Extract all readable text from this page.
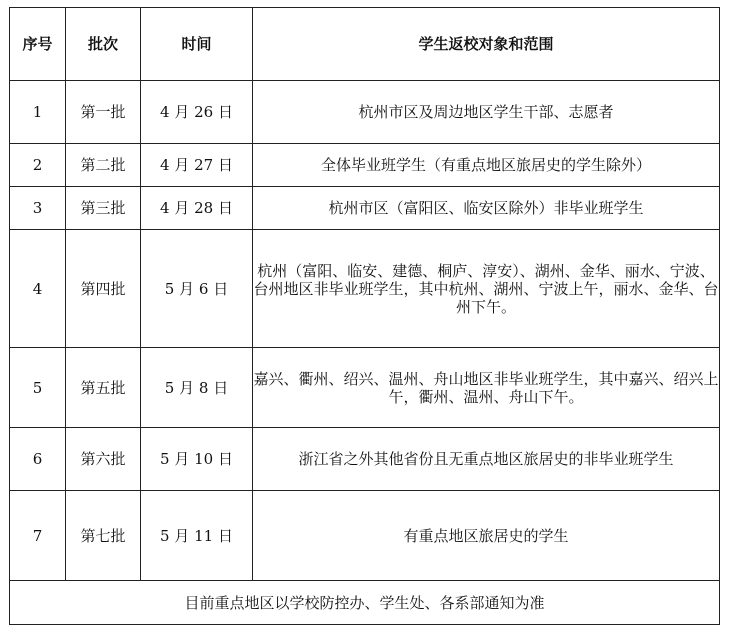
序号	批次	时间	学生返校对象和范围
1	第一批	4 月 26 日	杭州市区及周边地区学生干部、志愿者
2	第二批	4 月 27 日	全体毕业班学生（有重点地区旅居史的学生除外）
3	第三批	4 月 28 日	杭州市区（富阳区、临安区除外）非毕业班学生
4	第四批	5 月 6 日	杭州（富阳、临安、建德、桐庐、淳安）、湖州、金华、丽水、宁波、台州地区非毕业班学生，其中杭州、湖州、宁波上午，丽水、金华、台州下午。
5	第五批	5 月 8 日	嘉兴、衢州、绍兴、温州、舟山地区非毕业班学生，其中嘉兴、绍兴上午，衢州、温州、舟山下午。
6	第六批	5 月 10 日	浙江省之外其他省份且无重点地区旅居史的非毕业班学生
7	第七批	5 月 11 日	有重点地区旅居史的学生
目前重点地区以学校防控办、学生处、各系部通知为准			
